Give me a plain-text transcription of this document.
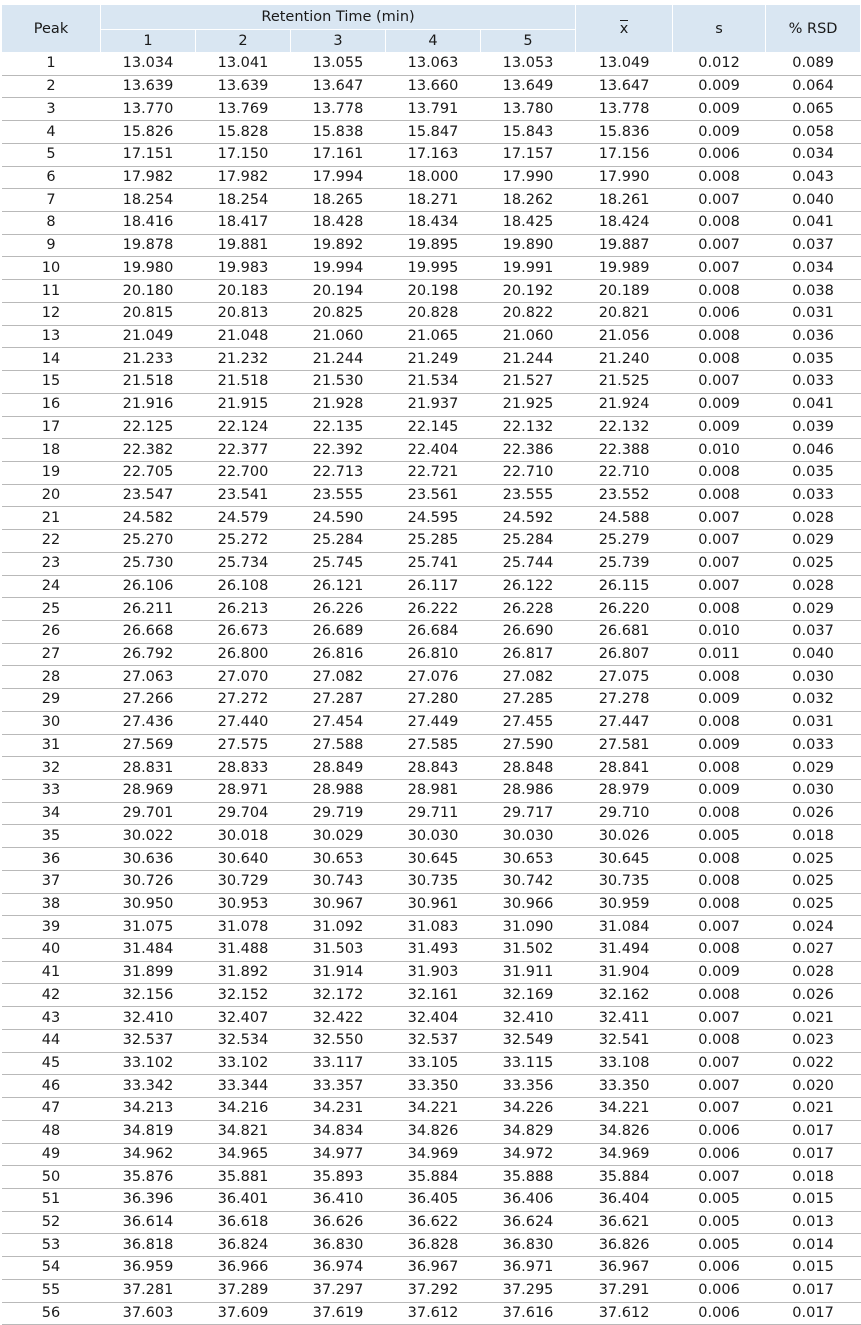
Peak	Retention Time (min)					x	s	% RSD
	1	2	3	4	5			
1	13.034	13.041	13.055	13.063	13.053	13.049	0.012	0.089
2	13.639	13.639	13.647	13.660	13.649	13.647	0.009	0.064
3	13.770	13.769	13.778	13.791	13.780	13.778	0.009	0.065
4	15.826	15.828	15.838	15.847	15.843	15.836	0.009	0.058
5	17.151	17.150	17.161	17.163	17.157	17.156	0.006	0.034
6	17.982	17.982	17.994	18.000	17.990	17.990	0.008	0.043
7	18.254	18.254	18.265	18.271	18.262	18.261	0.007	0.040
8	18.416	18.417	18.428	18.434	18.425	18.424	0.008	0.041
9	19.878	19.881	19.892	19.895	19.890	19.887	0.007	0.037
10	19.980	19.983	19.994	19.995	19.991	19.989	0.007	0.034
11	20.180	20.183	20.194	20.198	20.192	20.189	0.008	0.038
12	20.815	20.813	20.825	20.828	20.822	20.821	0.006	0.031
13	21.049	21.048	21.060	21.065	21.060	21.056	0.008	0.036
14	21.233	21.232	21.244	21.249	21.244	21.240	0.008	0.035
15	21.518	21.518	21.530	21.534	21.527	21.525	0.007	0.033
16	21.916	21.915	21.928	21.937	21.925	21.924	0.009	0.041
17	22.125	22.124	22.135	22.145	22.132	22.132	0.009	0.039
18	22.382	22.377	22.392	22.404	22.386	22.388	0.010	0.046
19	22.705	22.700	22.713	22.721	22.710	22.710	0.008	0.035
20	23.547	23.541	23.555	23.561	23.555	23.552	0.008	0.033
21	24.582	24.579	24.590	24.595	24.592	24.588	0.007	0.028
22	25.270	25.272	25.284	25.285	25.284	25.279	0.007	0.029
23	25.730	25.734	25.745	25.741	25.744	25.739	0.007	0.025
24	26.106	26.108	26.121	26.117	26.122	26.115	0.007	0.028
25	26.211	26.213	26.226	26.222	26.228	26.220	0.008	0.029
26	26.668	26.673	26.689	26.684	26.690	26.681	0.010	0.037
27	26.792	26.800	26.816	26.810	26.817	26.807	0.011	0.040
28	27.063	27.070	27.082	27.076	27.082	27.075	0.008	0.030
29	27.266	27.272	27.287	27.280	27.285	27.278	0.009	0.032
30	27.436	27.440	27.454	27.449	27.455	27.447	0.008	0.031
31	27.569	27.575	27.588	27.585	27.590	27.581	0.009	0.033
32	28.831	28.833	28.849	28.843	28.848	28.841	0.008	0.029
33	28.969	28.971	28.988	28.981	28.986	28.979	0.009	0.030
34	29.701	29.704	29.719	29.711	29.717	29.710	0.008	0.026
35	30.022	30.018	30.029	30.030	30.030	30.026	0.005	0.018
36	30.636	30.640	30.653	30.645	30.653	30.645	0.008	0.025
37	30.726	30.729	30.743	30.735	30.742	30.735	0.008	0.025
38	30.950	30.953	30.967	30.961	30.966	30.959	0.008	0.025
39	31.075	31.078	31.092	31.083	31.090	31.084	0.007	0.024
40	31.484	31.488	31.503	31.493	31.502	31.494	0.008	0.027
41	31.899	31.892	31.914	31.903	31.911	31.904	0.009	0.028
42	32.156	32.152	32.172	32.161	32.169	32.162	0.008	0.026
43	32.410	32.407	32.422	32.404	32.410	32.411	0.007	0.021
44	32.537	32.534	32.550	32.537	32.549	32.541	0.008	0.023
45	33.102	33.102	33.117	33.105	33.115	33.108	0.007	0.022
46	33.342	33.344	33.357	33.350	33.356	33.350	0.007	0.020
47	34.213	34.216	34.231	34.221	34.226	34.221	0.007	0.021
48	34.819	34.821	34.834	34.826	34.829	34.826	0.006	0.017
49	34.962	34.965	34.977	34.969	34.972	34.969	0.006	0.017
50	35.876	35.881	35.893	35.884	35.888	35.884	0.007	0.018
51	36.396	36.401	36.410	36.405	36.406	36.404	0.005	0.015
52	36.614	36.618	36.626	36.622	36.624	36.621	0.005	0.013
53	36.818	36.824	36.830	36.828	36.830	36.826	0.005	0.014
54	36.959	36.966	36.974	36.967	36.971	36.967	0.006	0.015
55	37.281	37.289	37.297	37.292	37.295	37.291	0.006	0.017
56	37.603	37.609	37.619	37.612	37.616	37.612	0.006	0.017
